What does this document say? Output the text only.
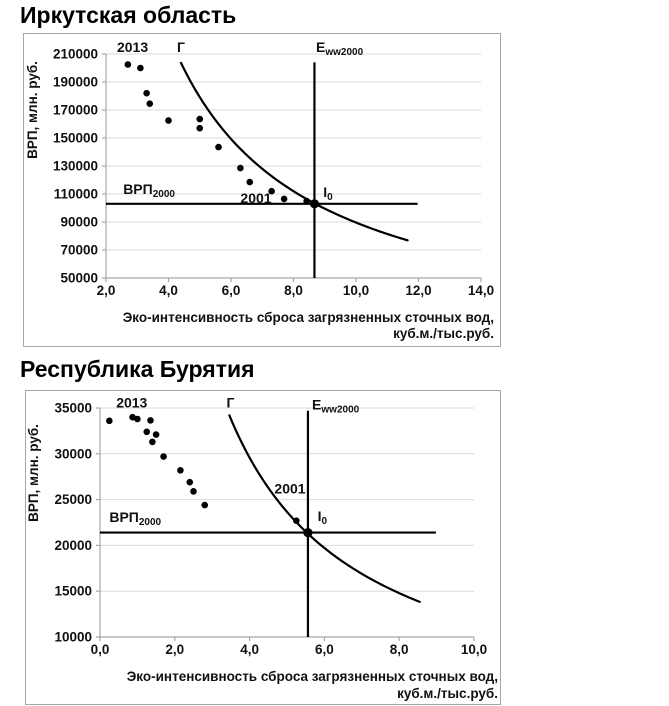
Иркутская область
210000
190000
170000
150000
130000
110000
90000
70000
50000
2,0	4,0	6,0	8,0	10,0	12,0	14,0
2013 Г	$E_{ww2000}$
$ВРП_{2000}$	2001	$I_0$
ВРП, млн. руб.
Эко-интенсивность сброса загрязненных сточных вод,
куб.м./тыс.руб.
Республика Бурятия
35000
30000
25000
20000
15000
10000
0,0	2,0	4,0	6,0	8,0	10,0
2013	Г	$E_{ww2000}$
$ВРП_{2000}$
2001
$I_0$
ВРП, млн. руб.
Эко-интенсивность сброса загрязненных сточных вод,
куб.м./тыс.руб.
